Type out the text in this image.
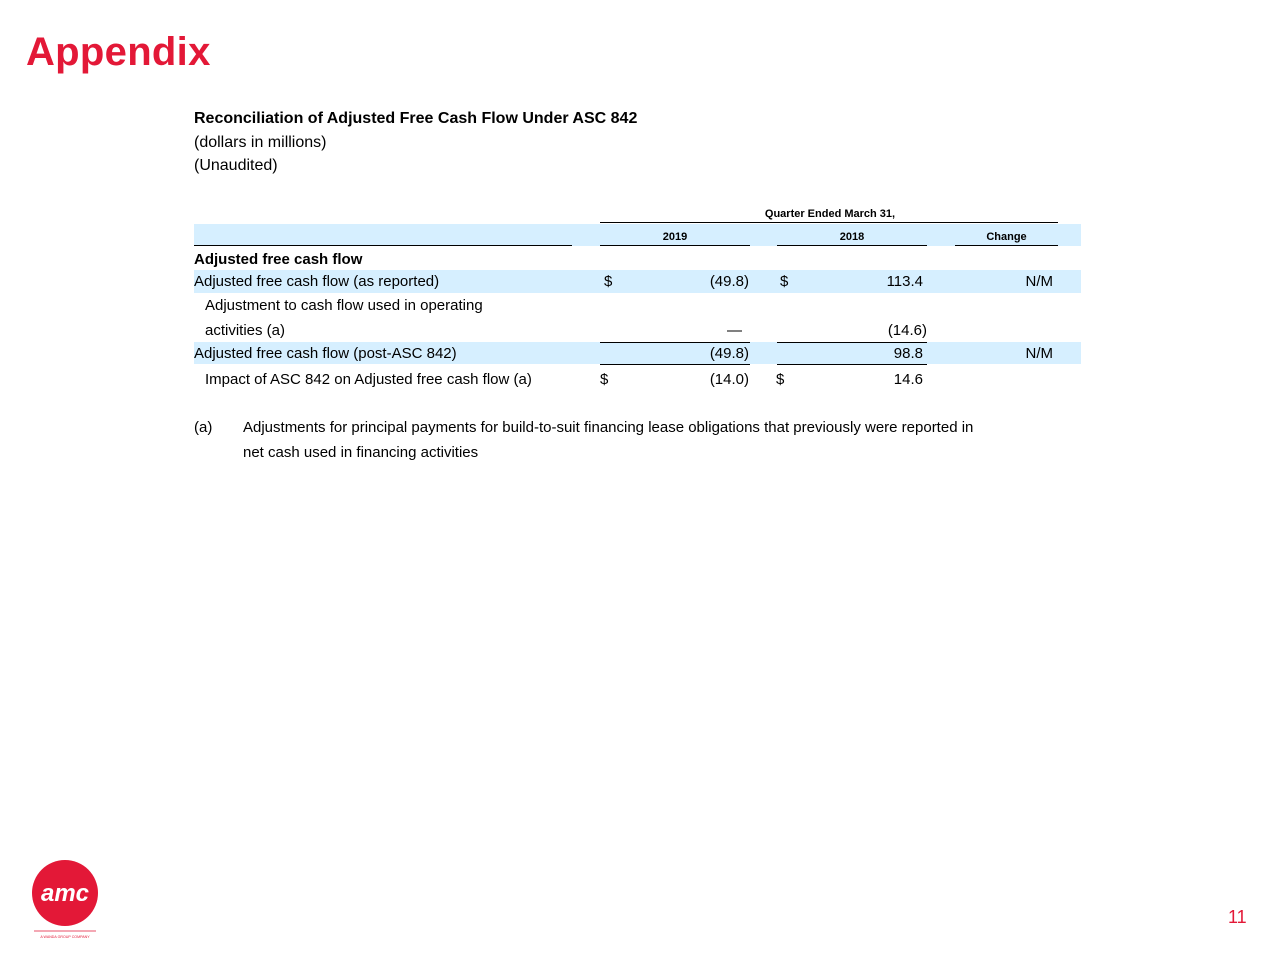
Appendix
Reconciliation of Adjusted Free Cash Flow Under ASC 842
(dollars in millions)
(Unaudited)
Quarter Ended March 31,
2019	2018	Change
Adjusted free cash flow
Adjusted free cash flow (as reported)	$	(49.8) $	113.4	N/M
Adjustment to cash flow used in operating
activities (a)	—	(14.6)
Adjusted free cash flow (post-ASC 842)	(49.8)	98.8	N/M
Impact of ASC 842 on Adjusted free cash flow (a)	$	(14.0) $	14.6
(a) Adjustments for principal payments for build-to-suit financing lease obligations that previously were reported in
net cash used in financing activities
amc
A WANDA GROUP COMPANY
11
